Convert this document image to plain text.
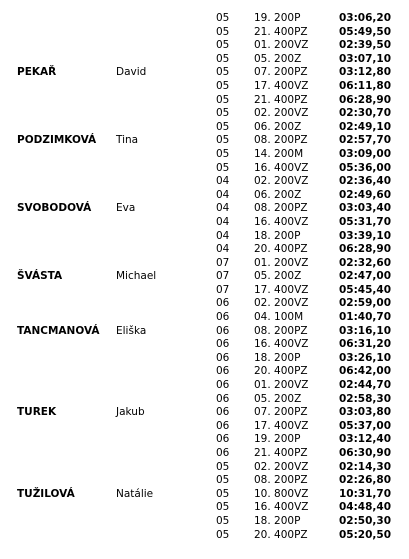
05 19. 200P	03:06,20
05 21. 400PZ	05:49,50
05 01. 200VZ	02:39,50
05 05. 200Z	03:07,10
PEKAŘ	David	05 07. 200PZ	03:12,80
05 17. 400VZ	06:11,80
05 21. 400PZ	06:28,90
05 02. 200VZ	02:30,70
05 06. 200Z	02:49,10
PODZIMKOVÁ Tina	05 08. 200PZ	02:57,70
05 14. 200M	03:09,00
05 16. 400VZ	05:36,00
04 02. 200VZ	02:36,40
04 06. 200Z	02:49,60
SVOBODOVÁ Eva	04 08. 200PZ	03:03,40
04 16. 400VZ	05:31,70
04 18. 200P	03:39,10
04 20. 400PZ	06:28,90
07 01. 200VZ	02:32,60
ŠVÁSTA	Michael	07 05. 200Z	02:47,00
07 17. 400VZ	05:45,40
06 02. 200VZ	02:59,00
06 04. 100M	01:40,70
TANCMANOVÁ Eliška	06 08. 200PZ	03:16,10
06 16. 400VZ	06:31,20
06 18. 200P	03:26,10
06 20. 400PZ	06:42,00
06 01. 200VZ	02:44,70
06 05. 200Z	02:58,30
TUREK	Jakub	06 07. 200PZ	03:03,80
06 17. 400VZ	05:37,00
06 19. 200P	03:12,40
06 21. 400PZ	06:30,90
05 02. 200VZ	02:14,30
05 08. 200PZ	02:26,80
TUŽILOVÁ	Natálie	05 10. 800VZ	10:31,70
05 16. 400VZ	04:48,40
05 18. 200P	02:50,30
05 20. 400PZ	05:20,50
